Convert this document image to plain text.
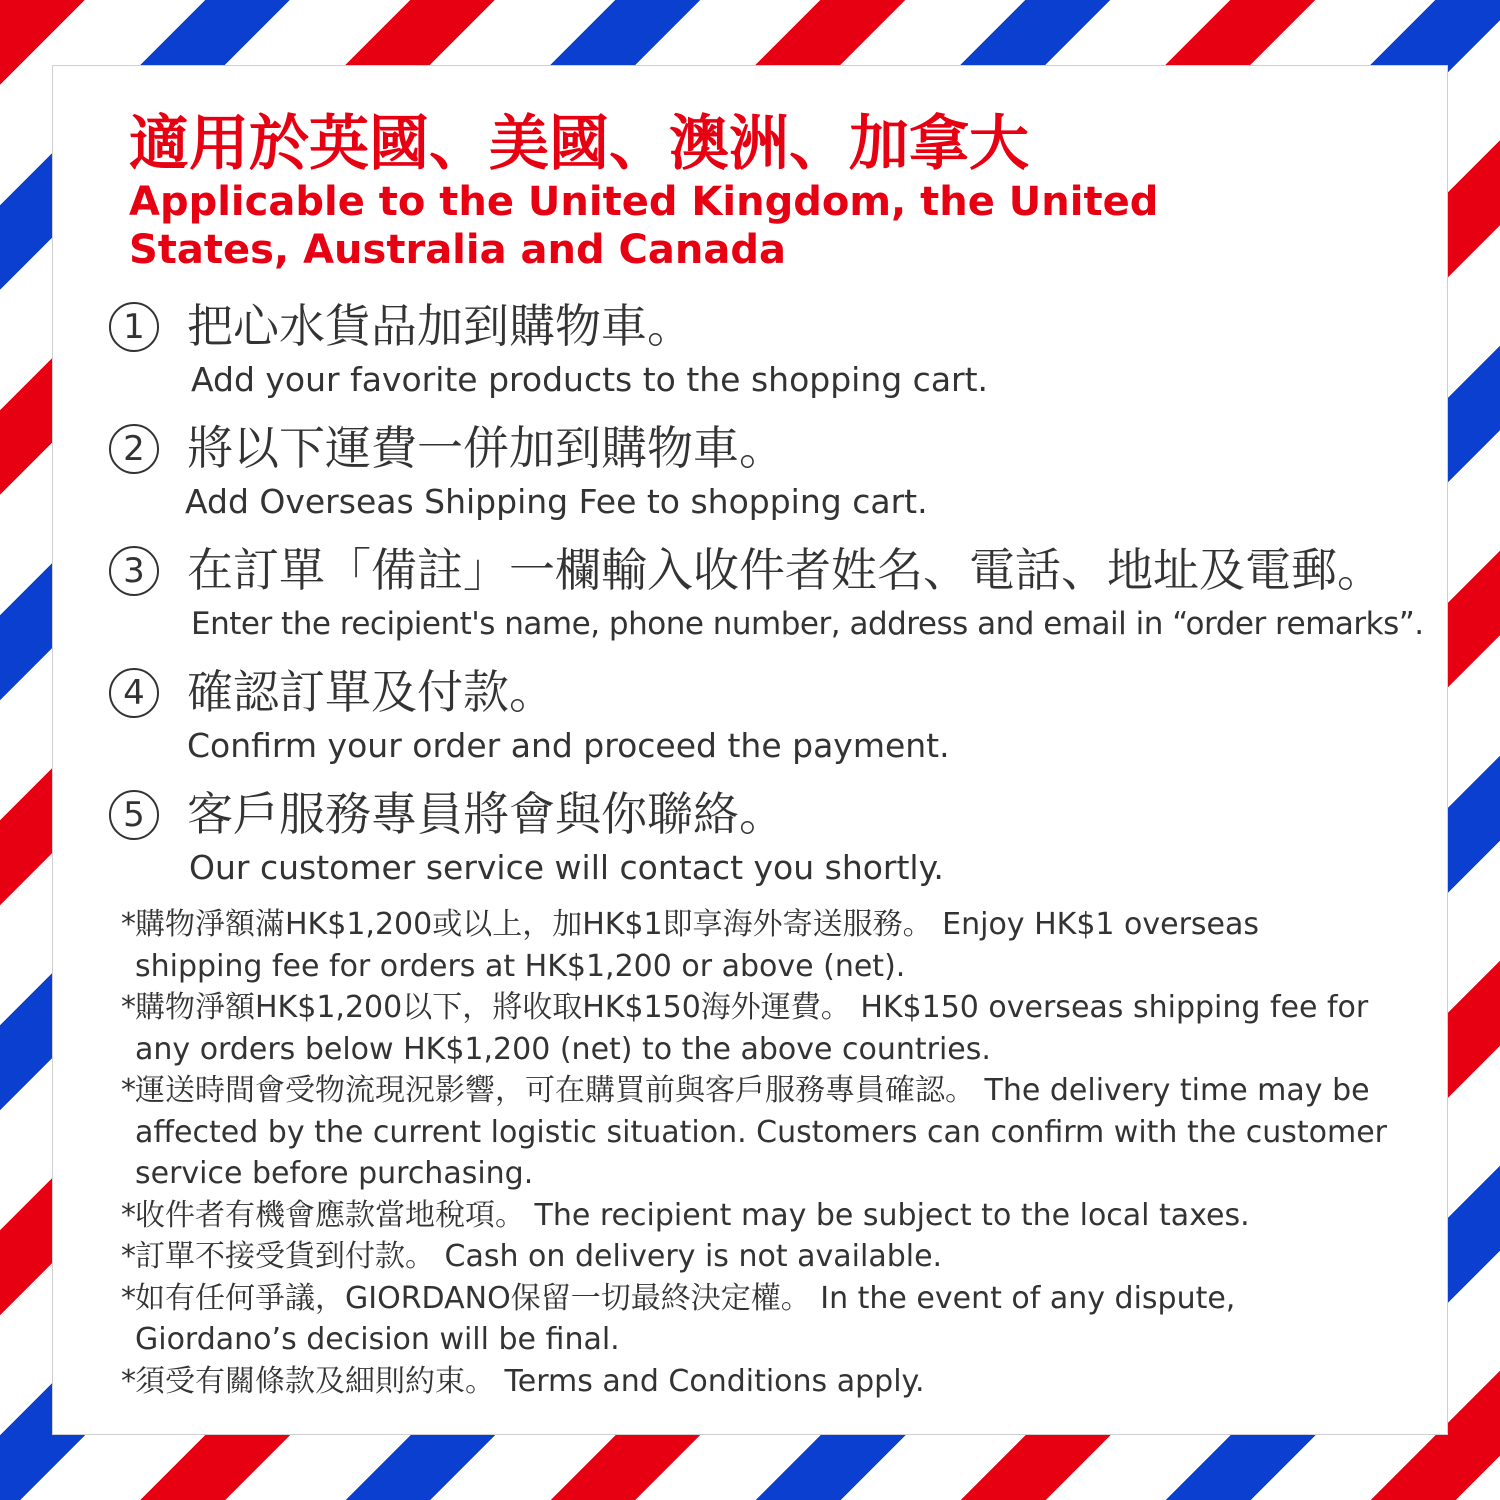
適用於英國、美國、澳洲、加拿大
Applicable to the United Kingdom, the United States, Australia and Canada
1 把心水貨品加到購物車。

Add your favorite products to the shopping cart.

2 將以下運費一併加到購物車。

Add Overseas Shipping Fee to shopping cart.

3 在訂單「備註」一欄輸入收件者姓名、電話、地址及電郵。

Enter the recipient's name, phone number, address and email in “order remarks”.

4 確認訂單及付款。

Confirm your order and proceed the payment.

5 客戶服務專員將會與你聯絡。

Our customer service will contact you shortly.

* 購物淨額滿HK$1,200或以上，加HK$1即享海外寄送服務。 Enjoy HK$1 overseas shipping fee for orders at HK$1,200 or above (net).
* 購物淨額HK$1,200以下，將收取HK$150海外運費。 HK$150 overseas shipping fee for any orders below HK$1,200 (net) to the above countries.
* 運送時間會受物流現況影響，可在購買前與客戶服務專員確認。 The delivery time may be affected by the current logistic situation. Customers can confirm with the customer service before purchasing.
* 收件者有機會應款當地稅項。 The recipient may be subject to the local taxes.
* 訂單不接受貨到付款。 Cash on delivery is not available.
* 如有任何爭議，GIORDANO保留一切最終決定權。 In the event of any dispute, Giordano’s decision will be final.
* 須受有關條款及細則約束。 Terms and Conditions apply.
